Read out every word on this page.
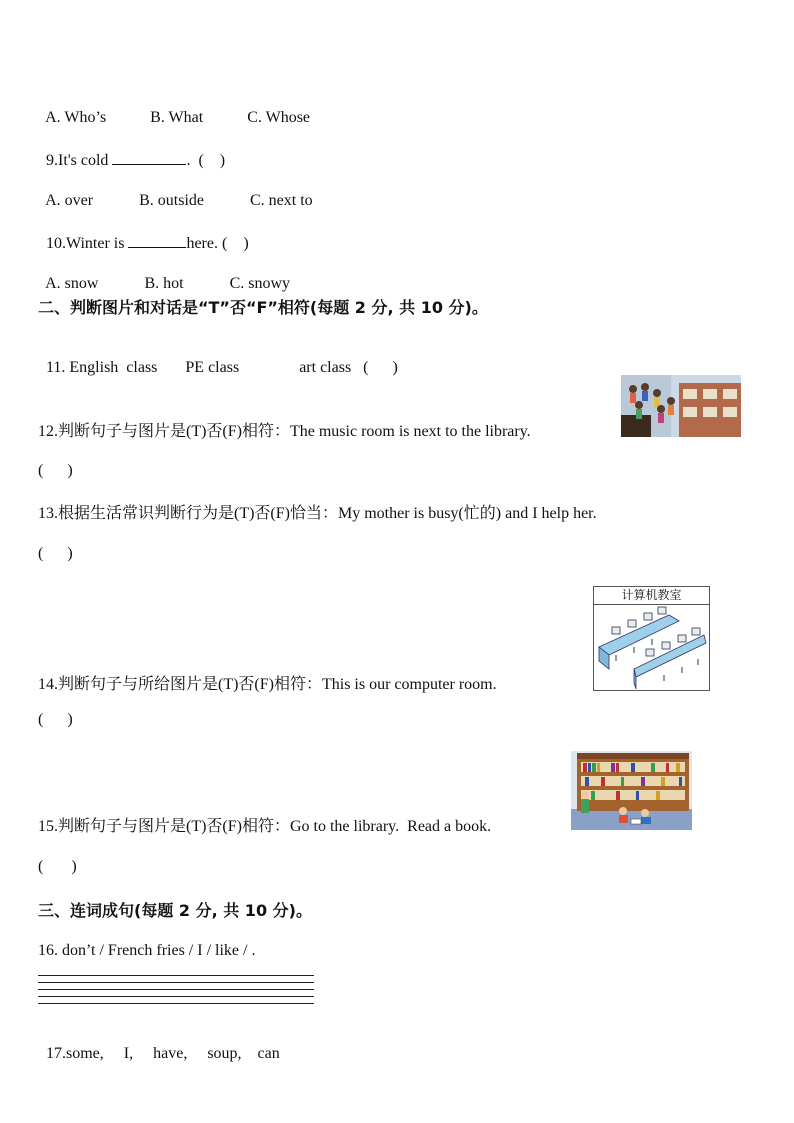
A. Who’s	B. What	C. Whose

9.It's cold	. (    )

A. over	B. outside	C. next to

10.Winter is	here. (    )

A. snow	B. hot	C. snowy

二、判断图片和对话是“T”否“F”相符(每题 2 分, 共 10 分)。

11. English  class PE class	art class (      )

12.判断句子与图片是(T)否(F)相符：The music room is next to the library.
(      )
13.根据生活常识判断行为是(T)否(F)恰当：My mother is busy(忙的) and I help her.
(      )
计算机教室
14.判断句子与所给图片是(T)否(F)相符：This is our computer room.
(      )
15.判断句子与图片是(T)否(F)相符：Go to the library.  Read a book.
(       )
三、连词成句(每题 2 分, 共 10 分)。
16. don’t / French fries / I / like / .

17.some, I, have, soup, can
